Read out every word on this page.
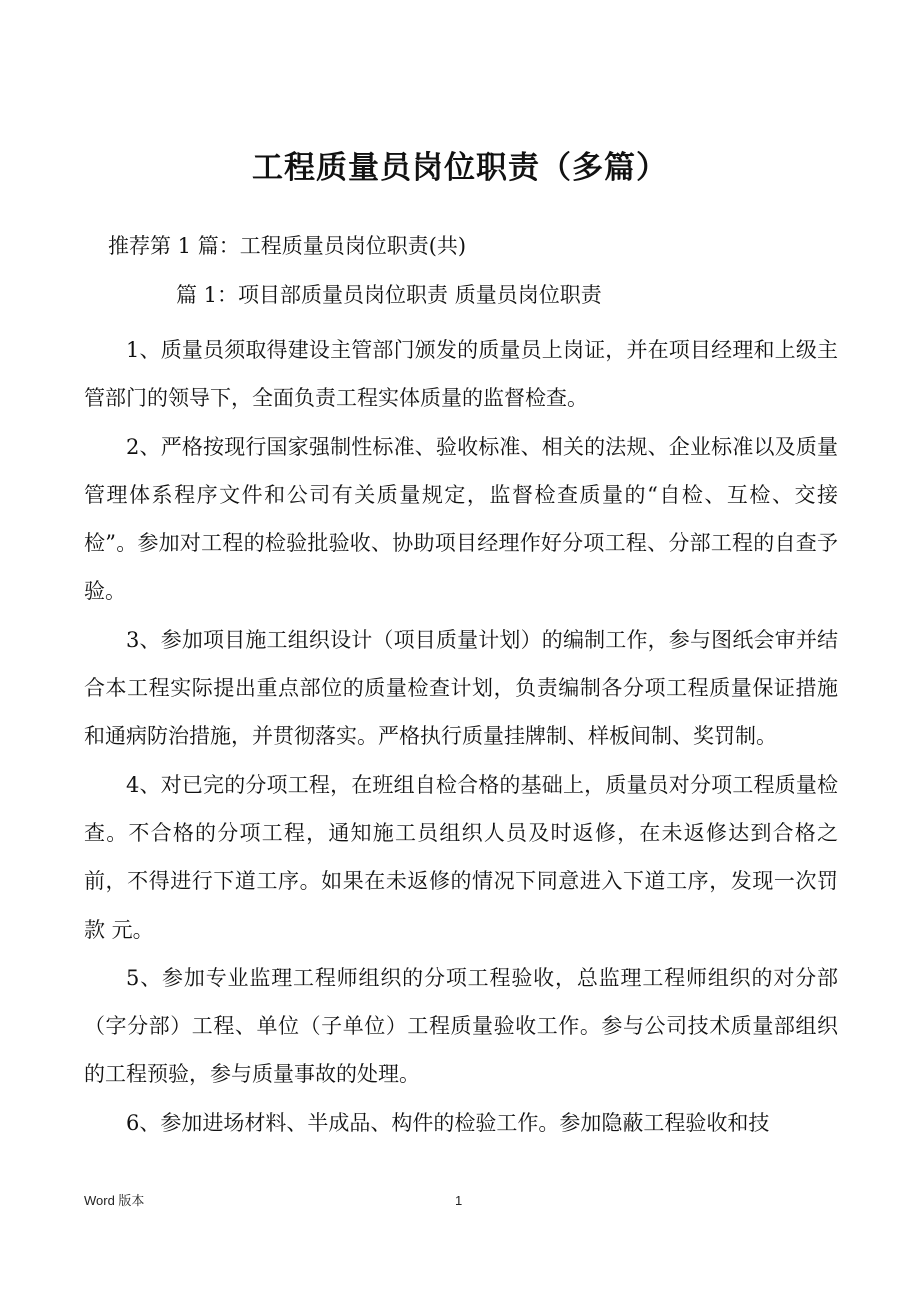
工程质量员岗位职责（多篇）
推荐第 1 篇：工程质量员岗位职责(共)
篇 1：项目部质量员岗位职责 质量员岗位职责

1、质量员须取得建设主管部门颁发的质量员上岗证，并在项目经理和上级主管部门的领导下，全面负责工程实体质量的监督检查。

2、严格按现行国家强制性标准、验收标准、相关的法规、企业标准以及质量管理体系程序文件和公司有关质量规定，监督检查质量的“自检、互检、交接检”。参加对工程的检验批验收、协助项目经理作好分项工程、分部工程的自查予验。

3、参加项目施工组织设计（项目质量计划）的编制工作，参与图纸会审并结合本工程实际提出重点部位的质量检查计划，负责编制各分项工程质量保证措施和通病防治措施，并贯彻落实。严格执行质量挂牌制、样板间制、奖罚制。

4、对已完的分项工程，在班组自检合格的基础上，质量员对分项工程质量检查。不合格的分项工程，通知施工员组织人员及时返修，在未返修达到合格之前，不得进行下道工序。如果在未返修的情况下同意进入下道工序，发现一次罚款 元。

5、参加专业监理工程师组织的分项工程验收，总监理工程师组织的对分部（字分部）工程、单位（子单位）工程质量验收工作。参与公司技术质量部组织的工程预验，参与质量事故的处理。

6、参加进场材料、半成品、构件的检验工作。参加隐蔽工程验收和技

Word 版本	1
